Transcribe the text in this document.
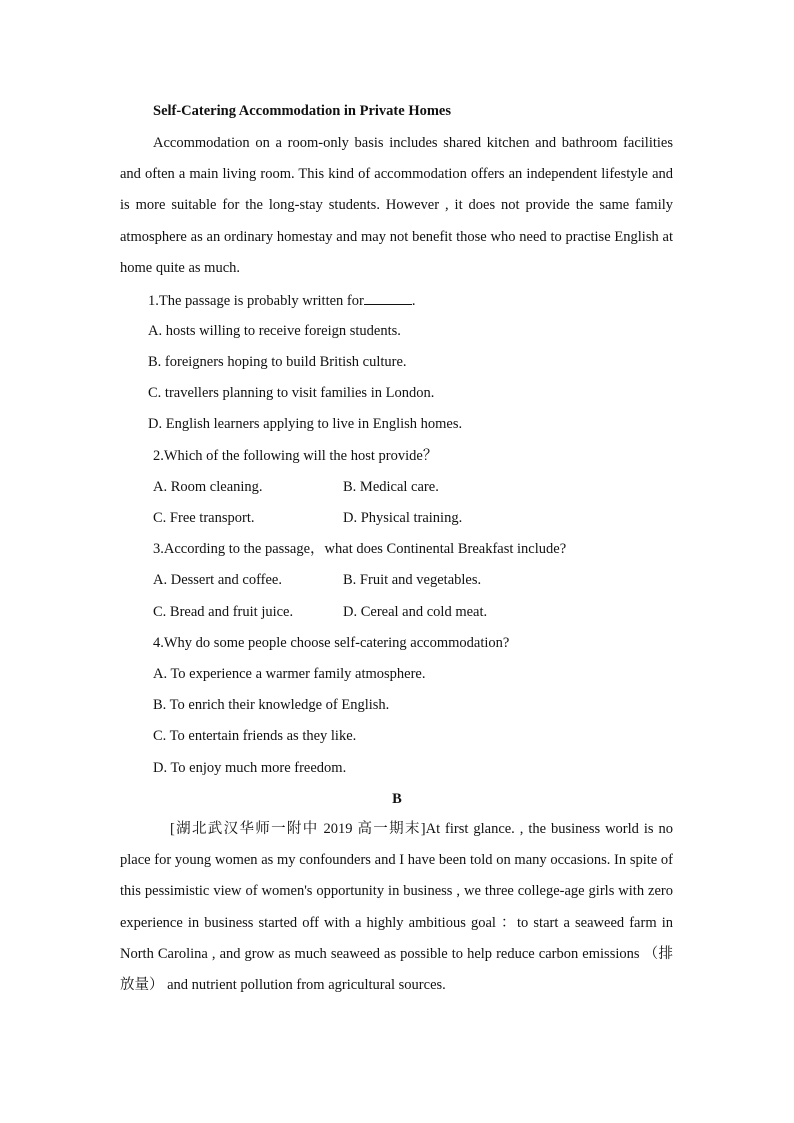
Self-Catering Accommodation in Private Homes

Accommodation on a room-only basis includes shared kitchen and bathroom facilities and often a main living room. This kind of accommodation offers an independent lifestyle and is more suitable for the long-stay students. However , it does not provide the same family atmosphere as an ordinary homestay and may not benefit those who need to practise English at home quite as much.

1.The passage is probably written for	.
A. hosts willing to receive foreign students.
B. foreigners hoping to build British culture.
C. travellers planning to visit families in London.
D. English learners applying to live in English homes.
2.Which of the following will the host provide？
A. Room cleaning.	B. Medical care.
C. Free transport.	D. Physical training.
3.According to the passage，what does Continental Breakfast include?
A. Dessert and coffee.	B. Fruit and vegetables.
C. Bread and fruit juice.	D. Cereal and cold meat.
4.Why do some people choose self-catering accommodation?
A. To experience a warmer family atmosphere.
B. To enrich their knowledge of English.
C. To entertain friends as they like.
D. To enjoy much more freedom.
B

[湖北武汉华师一附中 2019 高一期末]At first glance. , the business world is no place for young women as my confounders and I have been told on many occasions. In spite of this pessimistic view of women's opportunity in business , we three college-age girls with zero experience in business started off with a highly ambitious goal ：to start a seaweed farm in North Carolina , and grow as much seaweed as possible to help reduce carbon emissions （排放量） and nutrient pollution from agricultural sources.
